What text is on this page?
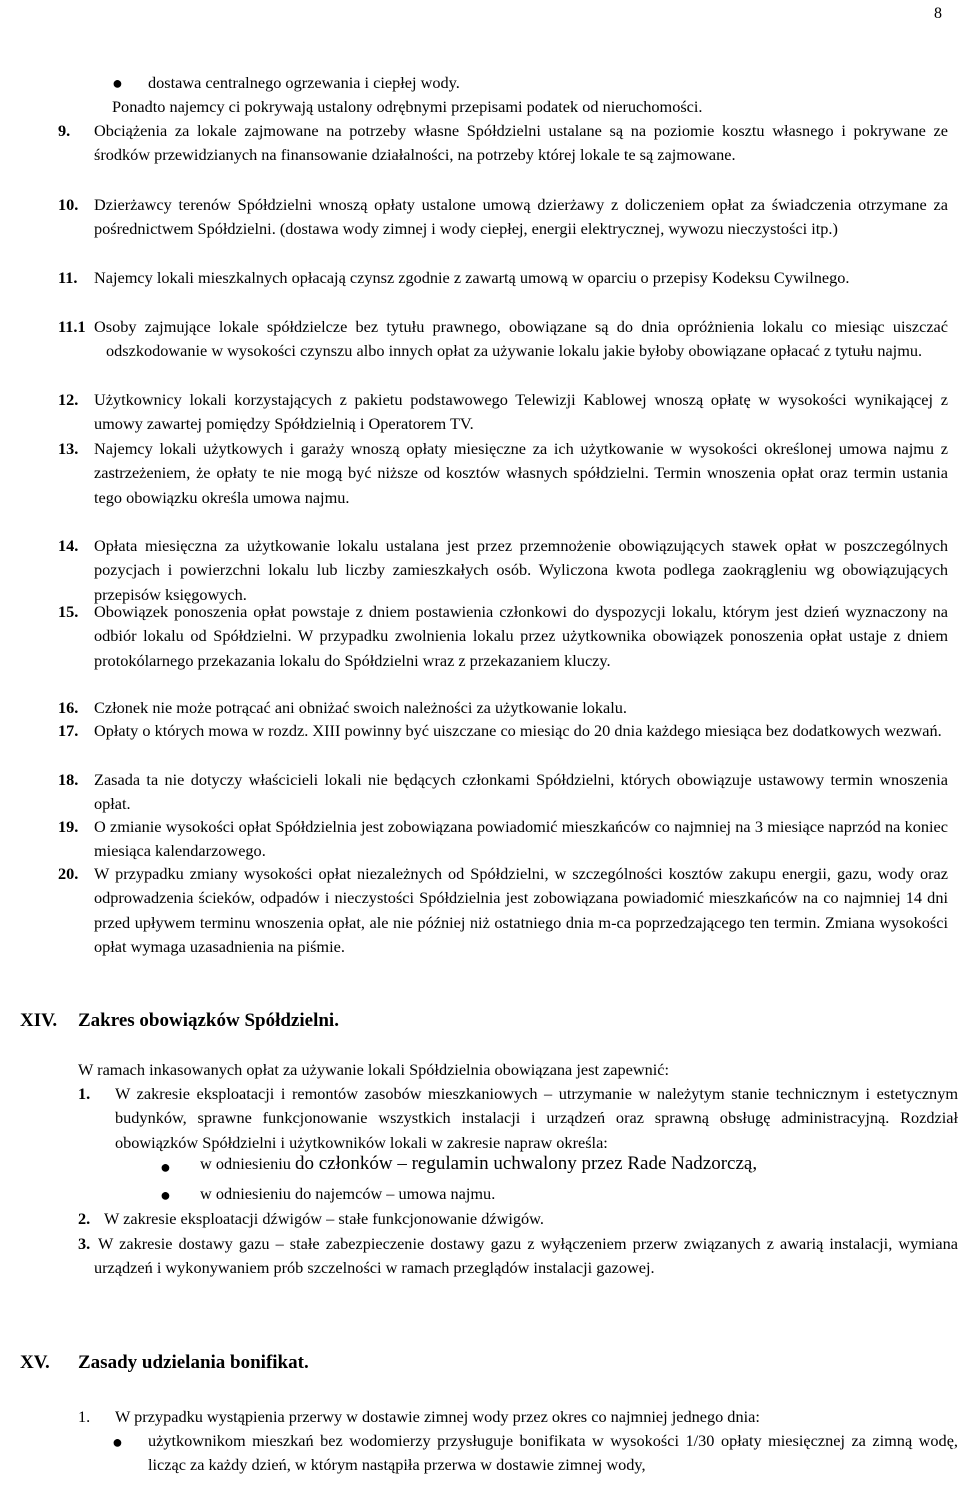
8
● dostawa centralnego ogrzewania i ciepłej wody.
Ponadto najemcy ci pokrywają ustalony odrębnymi przepisami podatek od nieruchomości.
9. Obciążenia za lokale zajmowane na potrzeby własne Spółdzielni ustalane są na poziomie kosztu własnego i pokrywane ze środków przewidzianych na finansowanie działalności, na potrzeby której lokale te są zajmowane.
10. Dzierżawcy terenów Spółdzielni wnoszą opłaty ustalone umową dzierżawy z doliczeniem opłat za świadczenia otrzymane za pośrednictwem Spółdzielni. (dostawa wody zimnej i wody ciepłej, energii elektrycznej, wywozu nieczystości itp.)
11. Najemcy lokali mieszkalnych opłacają czynsz zgodnie z zawartą umową w oparciu o przepisy Kodeksu Cywilnego.
11.1 Osoby zajmujące lokale spółdzielcze bez tytułu prawnego, obowiązane są do dnia opróżnienia lokalu co miesiąc uiszczać odszkodowanie w wysokości czynszu albo innych opłat za używanie lokalu jakie byłoby obowiązane opłacać z tytułu najmu.
12. Użytkownicy lokali korzystających z pakietu podstawowego Telewizji Kablowej wnoszą opłatę w wysokości wynikającej z umowy zawartej pomiędzy Spółdzielnią i Operatorem TV.
13. Najemcy lokali użytkowych i garaży wnoszą opłaty miesięczne za ich użytkowanie w wysokości określonej umowa najmu z zastrzeżeniem, że opłaty te nie mogą być niższe od kosztów własnych spółdzielni. Termin wnoszenia opłat oraz termin ustania tego obowiązku określa umowa najmu.
14. Opłata miesięczna za użytkowanie lokalu ustalana jest przez przemnożenie obowiązujących stawek opłat w poszczególnych pozycjach i powierzchni lokalu lub liczby zamieszkałych osób. Wyliczona kwota podlega zaokrągleniu wg obowiązujących przepisów księgowych.
15. Obowiązek ponoszenia opłat powstaje z dniem postawienia członkowi do dyspozycji lokalu, którym jest dzień wyznaczony na odbiór lokalu od Spółdzielni. W przypadku zwolnienia lokalu przez użytkownika obowiązek ponoszenia opłat ustaje z dniem protokólarnego przekazania lokalu do Spółdzielni wraz z przekazaniem kluczy.
16. Członek nie może potrącać ani obniżać swoich należności za użytkowanie lokalu.
17. Opłaty o których mowa w rozdz. XIII powinny być uiszczane co miesiąc do 20 dnia każdego miesiąca bez dodatkowych wezwań.
18. Zasada ta nie dotyczy właścicieli lokali nie będących członkami Spółdzielni, których obowiązuje ustawowy termin wnoszenia opłat.
19. O zmianie wysokości opłat Spółdzielnia jest zobowiązana powiadomić mieszkańców co najmniej na 3 miesiące naprzód na koniec miesiąca kalendarzowego.
20. W przypadku zmiany wysokości opłat niezależnych od Spółdzielni, w szczególności kosztów zakupu energii, gazu, wody oraz odprowadzenia ścieków, odpadów i nieczystości Spółdzielnia jest zobowiązana powiadomić mieszkańców na co najmniej 14 dni przed upływem terminu wnoszenia opłat, ale nie później niż ostatniego dnia m-ca poprzedzającego ten termin. Zmiana wysokości opłat wymaga uzasadnienia na piśmie.
XIV. Zakres obowiązków Spółdzielni.
W ramach inkasowanych opłat za używanie lokali Spółdzielnia obowiązana jest zapewnić:
1. W zakresie eksploatacji i remontów zasobów mieszkaniowych – utrzymanie w należytym stanie technicznym i estetycznym budynków, sprawne funkcjonowanie wszystkich instalacji i urządzeń oraz sprawną obsługę administracyjną. Rozdział obowiązków Spółdzielni i użytkowników lokali w zakresie napraw określa:
● w odniesieniu do członków – regulamin uchwalony przez Rade Nadzorczą,
● w odniesieniu do najemców – umowa najmu.
2. W zakresie eksploatacji dźwigów – stałe funkcjonowanie dźwigów.
3. W zakresie dostawy gazu – stałe zabezpieczenie dostawy gazu z wyłączeniem przerw związanych z awarią instalacji, wymiana urządzeń i wykonywaniem prób szczelności w ramach przeglądów instalacji gazowej.
XV. Zasady udzielania bonifikat.
1. W przypadku wystąpienia przerwy w dostawie zimnej wody przez okres co najmniej jednego dnia:
● użytkownikom mieszkań bez wodomierzy przysługuje bonifikata w wysokości 1/30 opłaty miesięcznej za zimną wodę, licząc za każdy dzień, w którym nastąpiła przerwa w dostawie zimnej wody,
